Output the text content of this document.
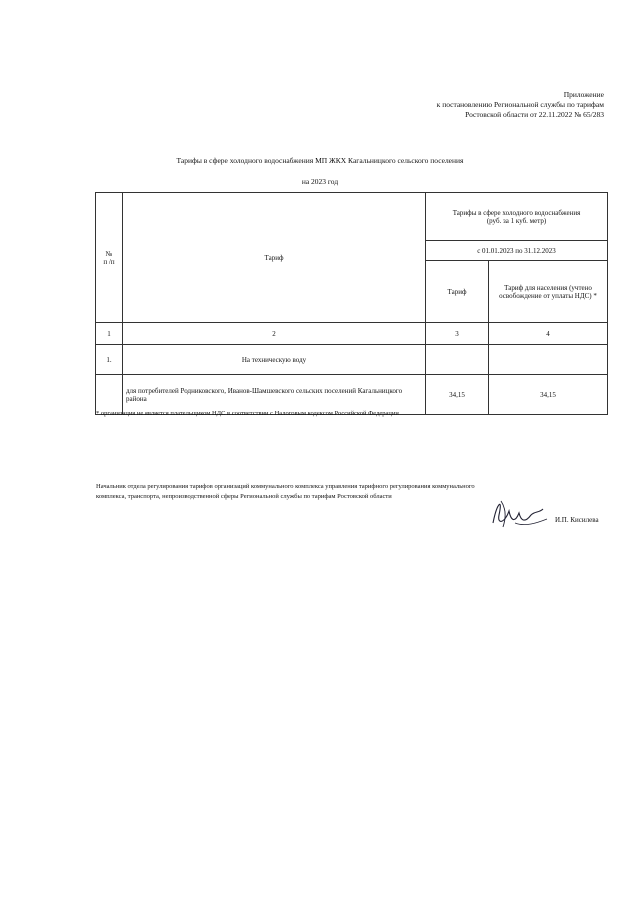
Приложение
к постановлению Региональной службы по тарифам
Ростовской области от 22.11.2022 № 65/283
Тарифы в сфере холодного водоснабжения МП ЖКХ Кагальницкого сельского поселения
на 2023 год
№
п /п	Тариф	Тарифы в сфере холодного водоснабжения
(руб. за 1 куб. метр)	
		с 01.01.2023 по 31.12.2023	
		Тариф	Тариф для населения (учтено освобождение от уплаты НДС) *
1	2	3	4
1.	На техническую воду		
	для потребителей Родниковского, Иванов-Шамшевского сельских поселений Кагальницкого района	34,15	34,15
* организация не является плательщиком НДС в соответствии с Налоговым кодексом Российской Федерации
Начальник отдела регулирования тарифов организаций коммунального комплекса управления тарифного регулирования коммунального комплекса, транспорта, непроизводственной сферы Региональной службы по тарифам Ростовской области
И.П. Кисилева
